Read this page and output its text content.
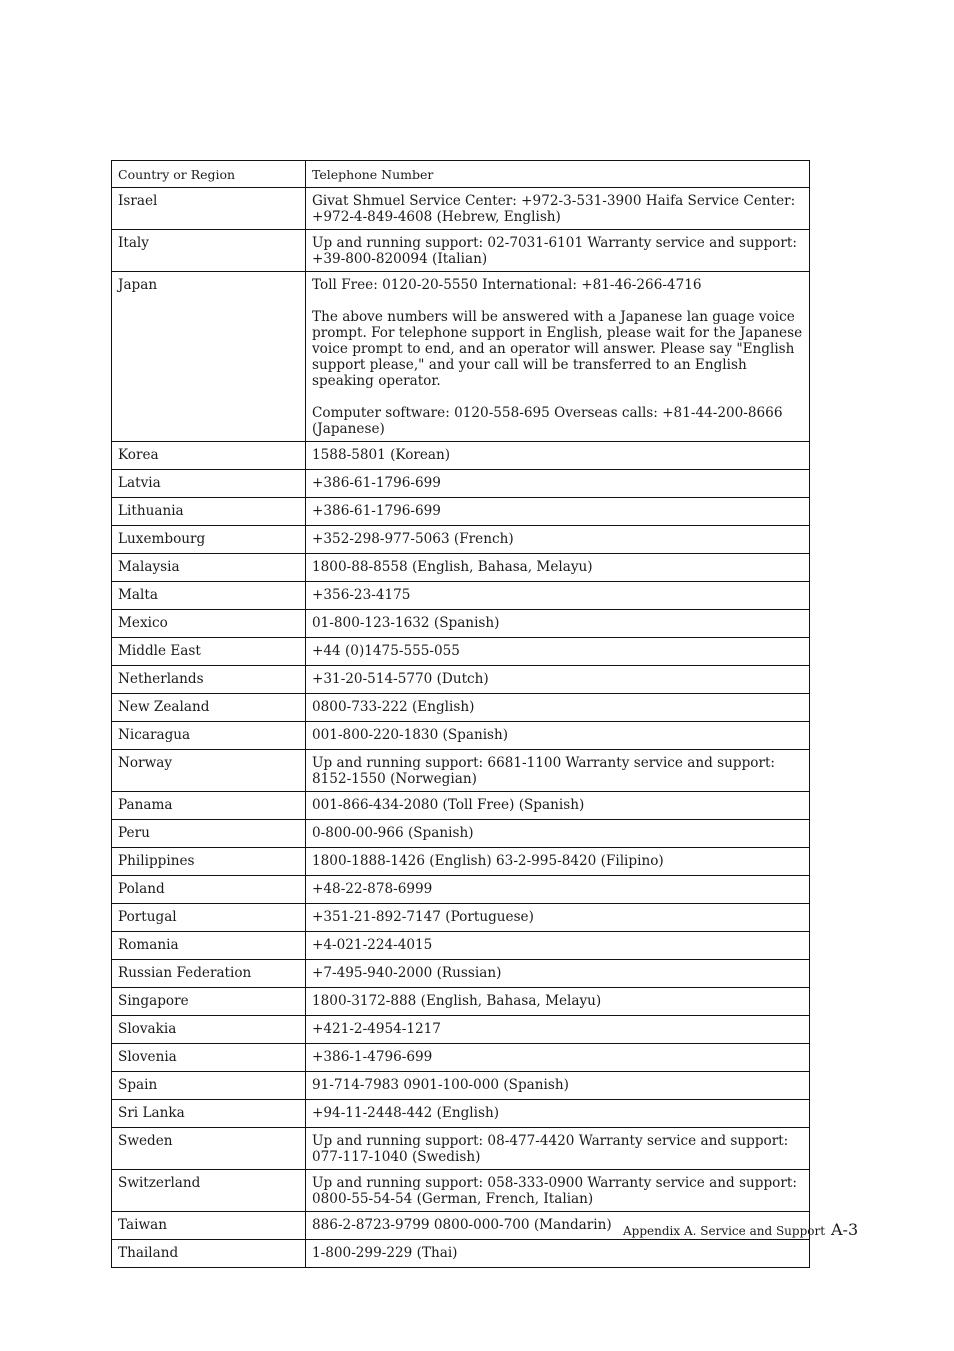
Country or Region	Telephone Number
Israel	Givat Shmuel Service Center: +972-3-531-3900 Haifa Service Center: +972-4-849-4608 (Hebrew, English)

Italy	Up and running support: 02-7031-6101 Warranty service and support: +39-800-820094 (Italian)

Japan	Toll Free: 0120-20-5550 International: +81-46-266-4716

The above numbers will be answered with a Japanese lan guage voice prompt. For telephone support in English, please wait for the Japanese voice prompt to end, and an operator will answer. Please say "English support please," and your call will be transferred to an English speaking operator.

Computer software: 0120-558-695 Overseas calls: +81-44-200-8666 (Japanese)

Korea	1588-5801 (Korean)

Latvia	+386-61-1796-699

Lithuania	+386-61-1796-699

Luxembourg	+352-298-977-5063 (French)

Malaysia	1800-88-8558 (English, Bahasa, Melayu)

Malta	+356-23-4175

Mexico	01-800-123-1632 (Spanish)

Middle East	+44 (0)1475-555-055

Netherlands	+31-20-514-5770 (Dutch)

New Zealand	0800-733-222 (English)

Nicaragua	001-800-220-1830 (Spanish)

Norway	Up and running support: 6681-1100 Warranty service and support: 8152-1550 (Norwegian)

Panama	001-866-434-2080 (Toll Free) (Spanish)

Peru	0-800-00-966 (Spanish)

Philippines	1800-1888-1426 (English) 63-2-995-8420 (Filipino)

Poland	+48-22-878-6999

Portugal	+351-21-892-7147 (Portuguese)

Romania	+4-021-224-4015

Russian Federation	+7-495-940-2000 (Russian)

Singapore	1800-3172-888 (English, Bahasa, Melayu)

Slovakia	+421-2-4954-1217

Slovenia	+386-1-4796-699

Spain	91-714-7983 0901-100-000 (Spanish)

Sri Lanka	+94-11-2448-442 (English)

Sweden	Up and running support: 08-477-4420 Warranty service and support: 077-117-1040 (Swedish)

Switzerland	Up and running support: 058-333-0900 Warranty service and support: 0800-55-54-54 (German, French, Italian)

Taiwan	886-2-8723-9799 0800-000-700 (Mandarin)

Thailand	1-800-299-229 (Thai)

Appendix A. Service and Support A-3
